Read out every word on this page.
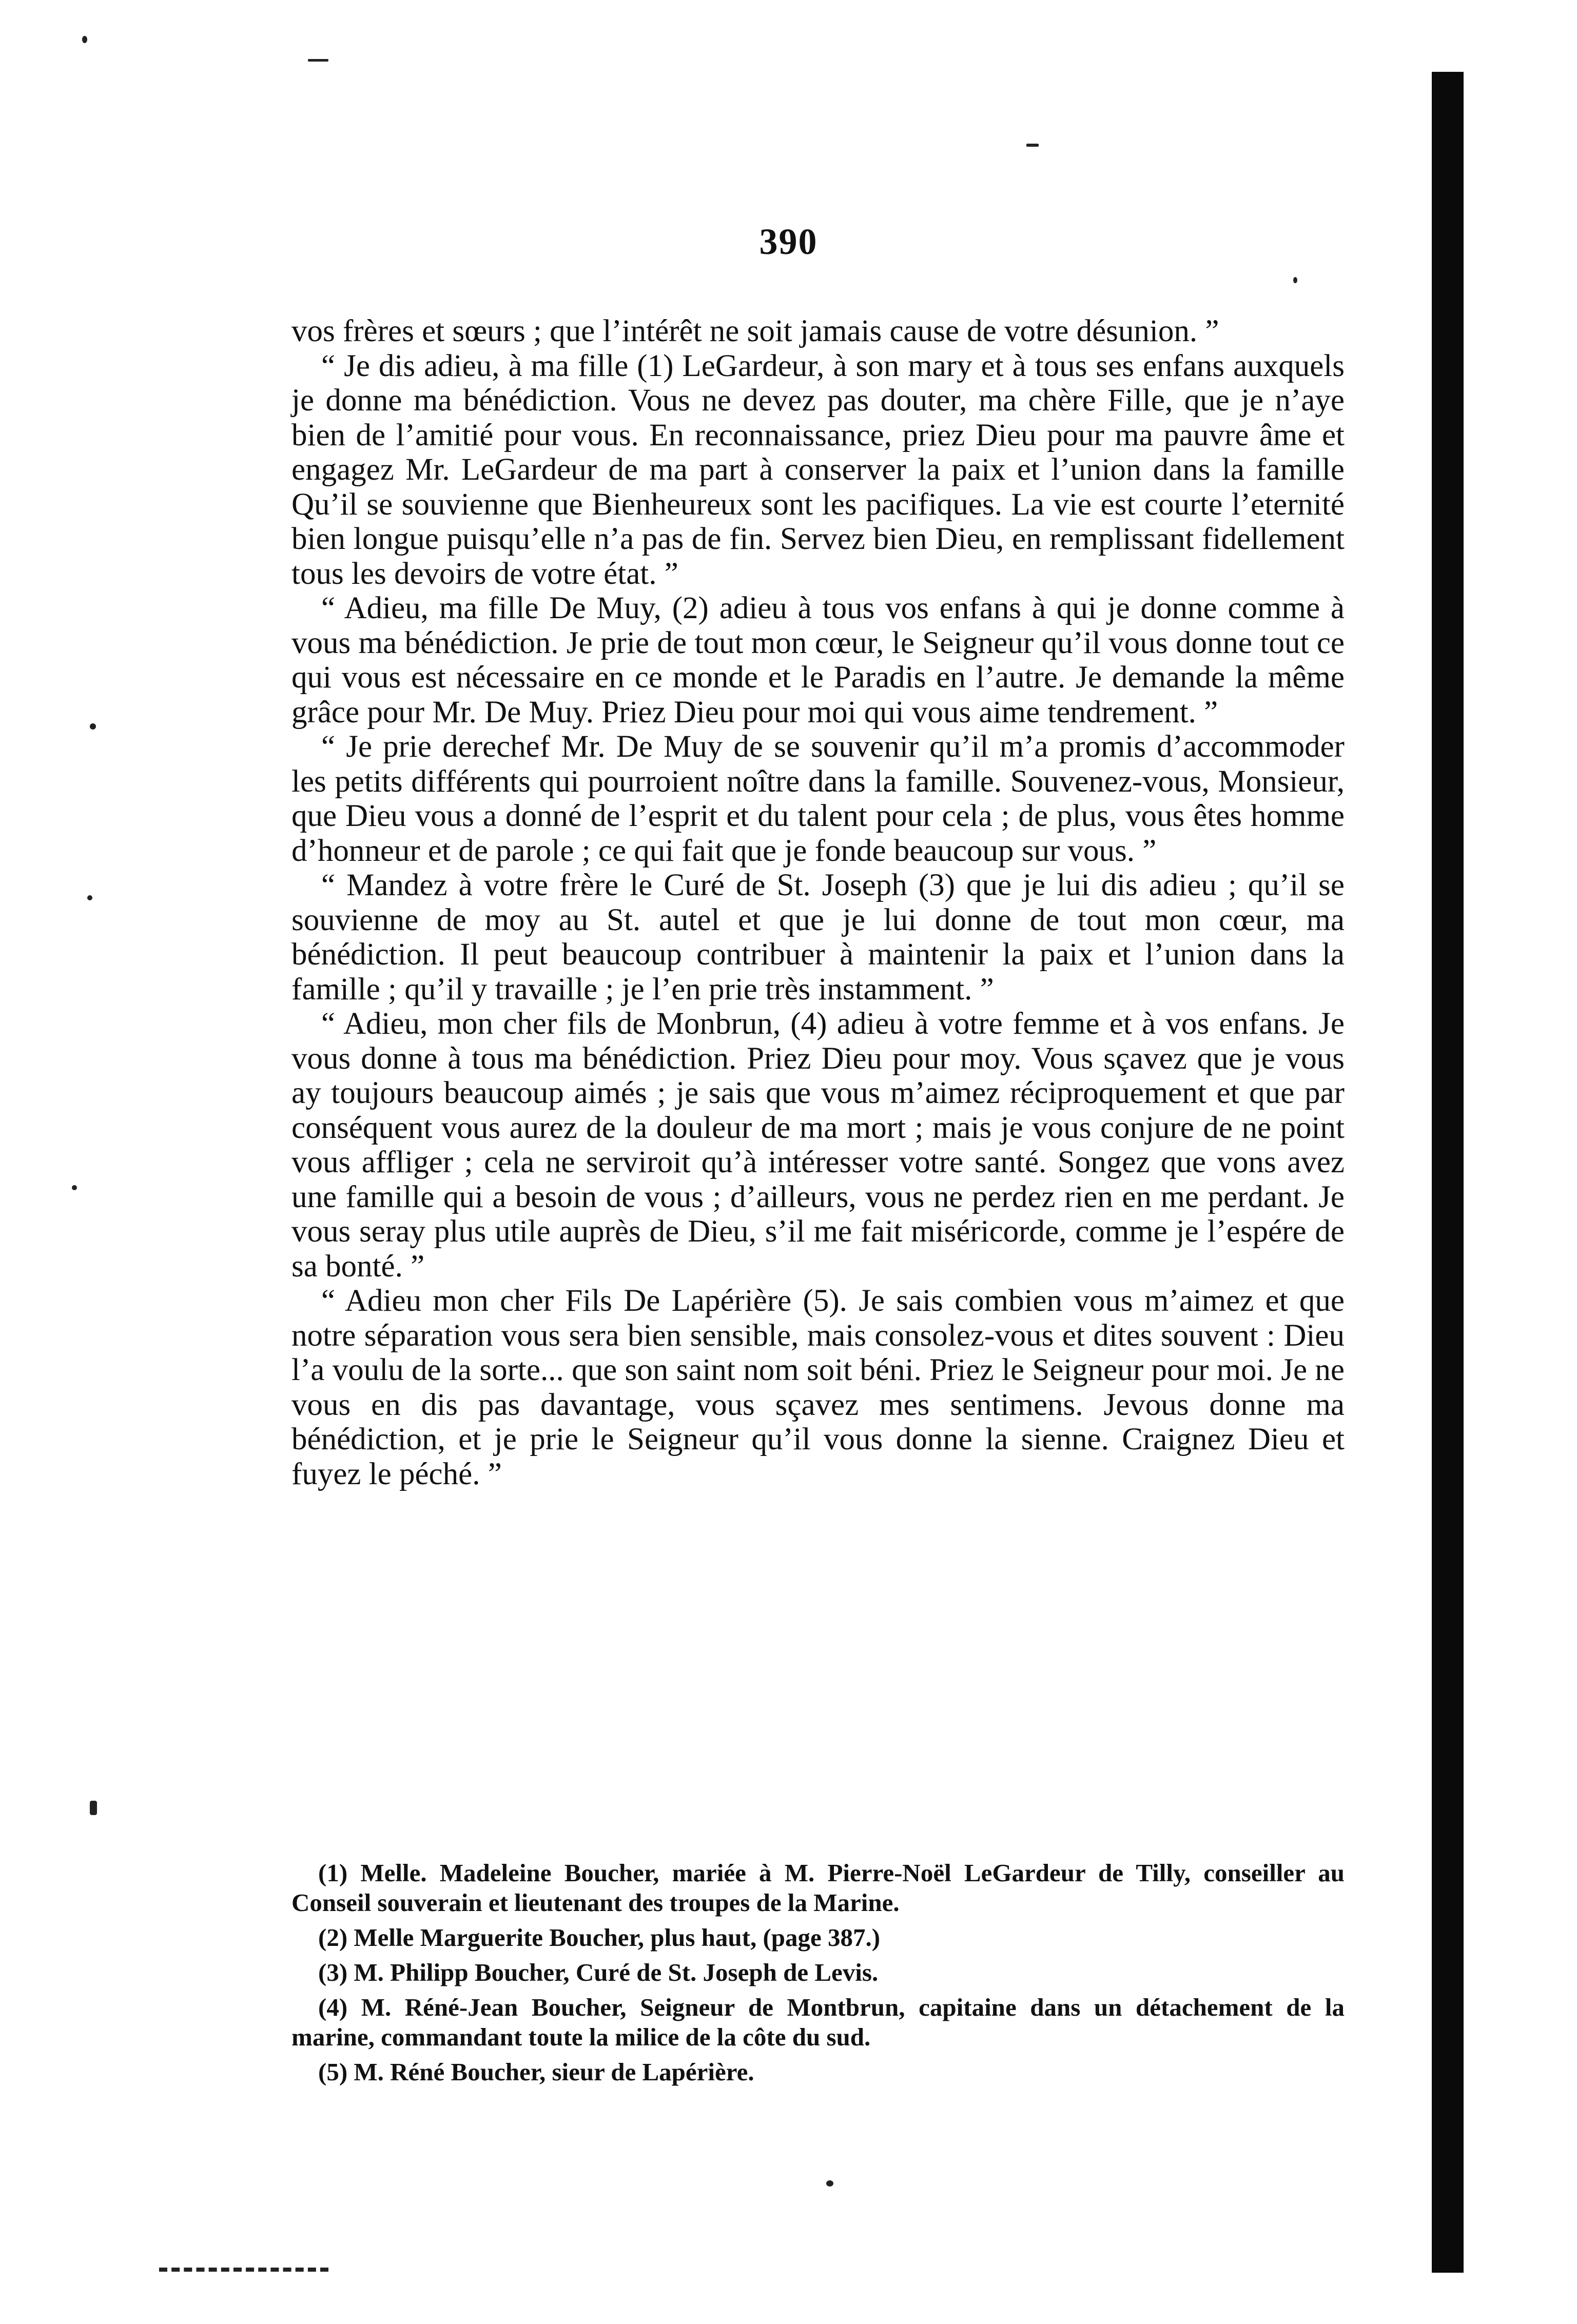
390

vos frères et sœurs ; que l’intérêt ne soit jamais cause de votre désunion. ”

“ Je dis adieu, à ma fille (1) LeGardeur, à son mary et à tous ses enfans auxquels je donne ma bénédiction. Vous ne devez pas douter, ma chère Fille, que je n’aye bien de l’amitié pour vous. En reconnaissance, priez Dieu pour ma pauvre âme et engagez Mr. LeGardeur de ma part à conserver la paix et l’union dans la famille Qu’il se souvienne que Bienheureux sont les pacifiques. La vie est courte l’eternité bien longue puisqu’elle n’a pas de fin. Servez bien Dieu, en remplissant fidellement tous les devoirs de votre état. ”

“ Adieu, ma fille De Muy, (2) adieu à tous vos enfans à qui je donne comme à vous ma bénédiction. Je prie de tout mon cœur, le Seigneur qu’il vous donne tout ce qui vous est nécessaire en ce monde et le Paradis en l’autre. Je demande la même grâce pour Mr. De Muy. Priez Dieu pour moi qui vous aime tendrement. ”

“ Je prie derechef Mr. De Muy de se souvenir qu’il m’a promis d’accommoder les petits différents qui pourroient noître dans la famille. Souvenez-vous, Monsieur, que Dieu vous a donné de l’esprit et du talent pour cela ; de plus, vous êtes homme d’honneur et de parole ; ce qui fait que je fonde beaucoup sur vous. ”

“ Mandez à votre frère le Curé de St. Joseph (3) que je lui dis adieu ; qu’il se souvienne de moy au St. autel et que je lui donne de tout mon cœur, ma bénédiction. Il peut beaucoup contribuer à maintenir la paix et l’union dans la famille ; qu’il y travaille ; je l’en prie très instamment. ”

“ Adieu, mon cher fils de Monbrun, (4) adieu à votre femme et à vos enfans. Je vous donne à tous ma bénédiction. Priez Dieu pour moy. Vous sçavez que je vous ay toujours beaucoup aimés ; je sais que vous m’aimez réciproquement et que par conséquent vous aurez de la douleur de ma mort ; mais je vous conjure de ne point vous affliger ; cela ne serviroit qu’à intéresser votre santé. Songez que vons avez une famille qui a besoin de vous ; d’ailleurs, vous ne perdez rien en me perdant. Je vous seray plus utile auprès de Dieu, s’il me fait miséricorde, comme je l’espére de sa bonté. ”

“ Adieu mon cher Fils De Lapérière (5). Je sais combien vous m’aimez et que notre séparation vous sera bien sensible, mais consolez-vous et dites souvent : Dieu l’a voulu de la sorte... que son saint nom soit béni. Priez le Seigneur pour moi. Je ne vous en dis pas davantage, vous sçavez mes sentimens. Jevous donne ma bénédiction, et je prie le Seigneur qu’il vous donne la sienne. Craignez Dieu et fuyez le péché. ”

(1) Melle. Madeleine Boucher, mariée à M. Pierre-Noël LeGardeur de Tilly, conseiller au Conseil souverain et lieutenant des troupes de la Marine.

(2) Melle Marguerite Boucher, plus haut, (page 387.)

(3) M. Philipp Boucher, Curé de St. Joseph de Levis.

(4) M. Réné-Jean Boucher, Seigneur de Montbrun, capitaine dans un détachement de la marine, commandant toute la milice de la côte du sud.

(5) M. Réné Boucher, sieur de Lapérière.
